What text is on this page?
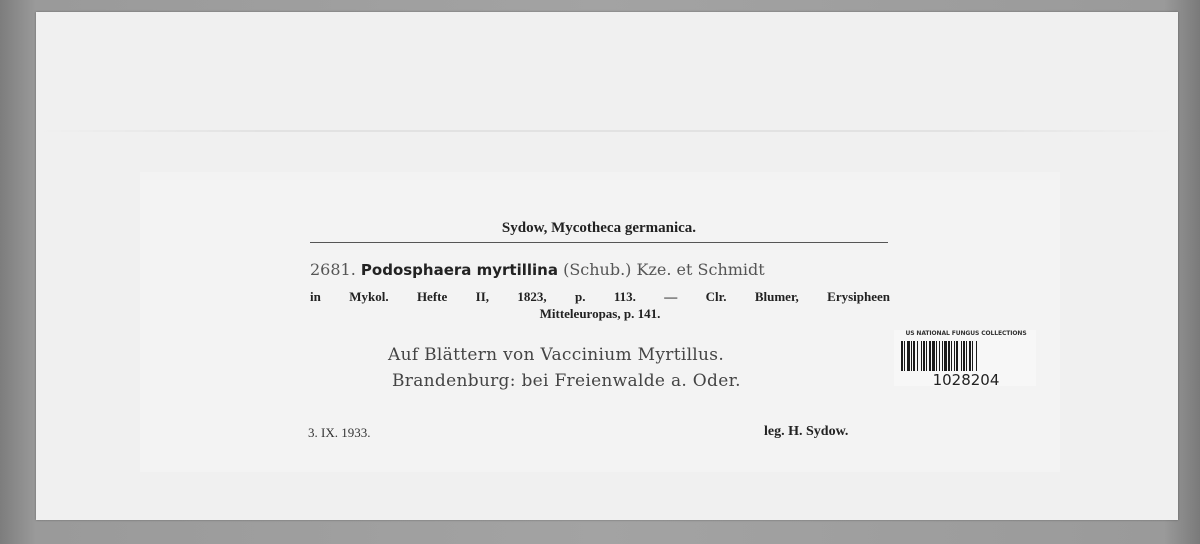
Sydow, Mycotheca germanica.
2681. Podosphaera myrtillina (Schub.) Kze. et Schmidt
in Mykol. Hefte II, 1823, p. 113. — Clr. Blumer, Erysipheen
Mitteleuropas, p. 141.
Auf Blättern von Vaccinium Myrtillus.
Brandenburg: bei Freienwalde a. Oder.
3. IX. 1933.	leg. H. Sydow.
US NATIONAL FUNGUS COLLECTIONS
1028204
